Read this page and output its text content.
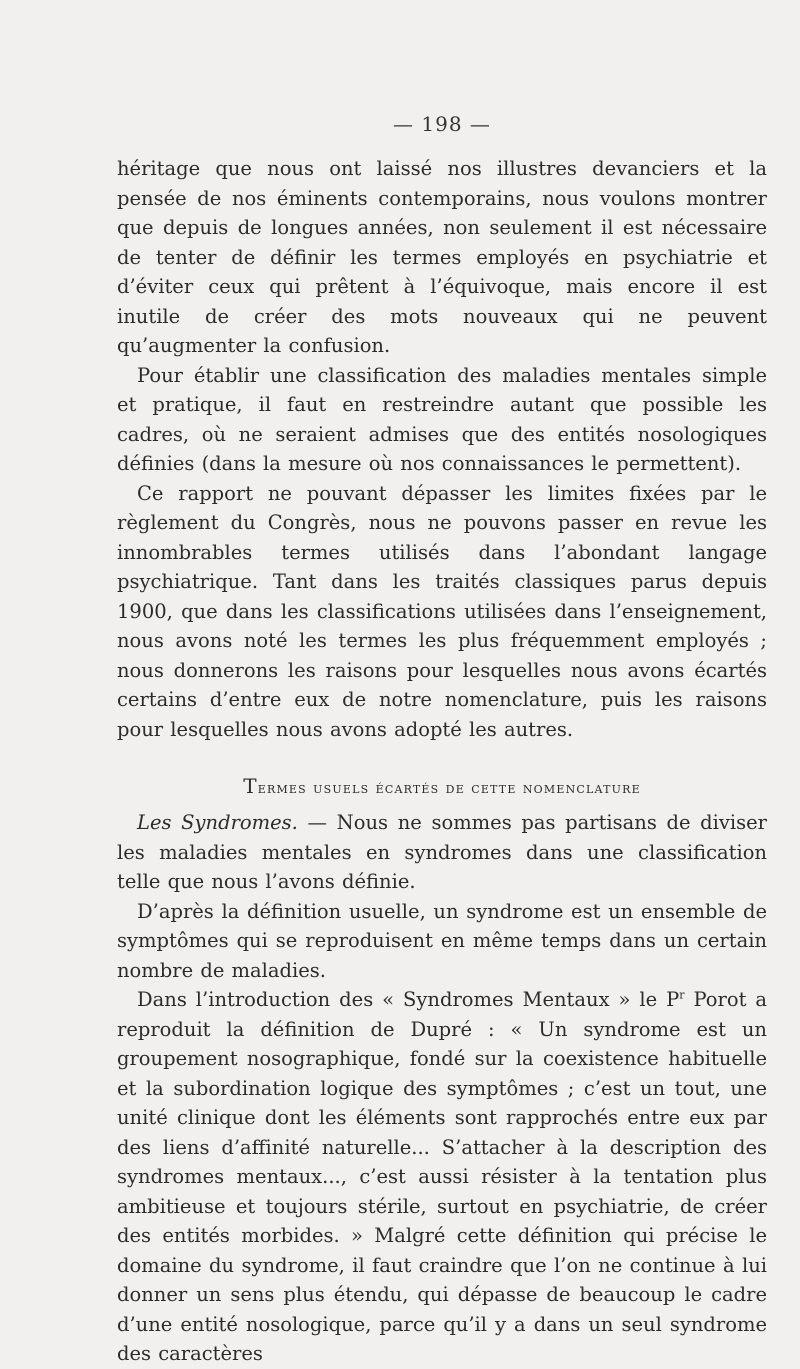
— 198 —

héritage que nous ont laissé nos illustres devanciers et la pensée de nos éminents contemporains, nous voulons montrer que depuis de longues années, non seulement il est nécessaire de tenter de définir les termes employés en psychiatrie et d’éviter ceux qui prêtent à l’équivoque, mais encore il est inutile de créer des mots nouveaux qui ne peuvent qu’augmenter la confusion.

Pour établir une classification des maladies mentales simple et pratique, il faut en restreindre autant que possible les cadres, où ne seraient admises que des entités nosologiques définies (dans la mesure où nos connaissances le permettent).

Ce rapport ne pouvant dépasser les limites fixées par le règlement du Congrès, nous ne pouvons passer en revue les innombrables termes utilisés dans l’abondant langage psychiatrique. Tant dans les traités classiques parus depuis 1900, que dans les classifications utilisées dans l’enseignement, nous avons noté les termes les plus fréquemment employés ; nous donnerons les raisons pour lesquelles nous avons écartés certains d’entre eux de notre nomenclature, puis les raisons pour lesquelles nous avons adopté les autres.

Termes usuels écartés de cette nomenclature

Les Syndromes. — Nous ne sommes pas partisans de diviser les maladies mentales en syndromes dans une classification telle que nous l’avons définie.

D’après la définition usuelle, un syndrome est un ensemble de symptômes qui se reproduisent en même temps dans un certain nombre de maladies.

Dans l’introduction des « Syndromes Mentaux » le $P^r$ Porot a reproduit la définition de Dupré : « Un syndrome est un groupement nosographique, fondé sur la coexistence habituelle et la subordination logique des symptômes ; c’est un tout, une unité clinique dont les éléments sont rapprochés entre eux par des liens d’affinité naturelle... S’attacher à la description des syndromes mentaux..., c’est aussi résister à la tentation plus ambitieuse et toujours stérile, surtout en psychiatrie, de créer des entités morbides. » Malgré cette définition qui précise le domaine du syndrome, il faut craindre que l’on ne continue à lui donner un sens plus étendu, qui dépasse de beaucoup le cadre d’une entité nosologique, parce qu’il y a dans un seul syndrome des caractères
